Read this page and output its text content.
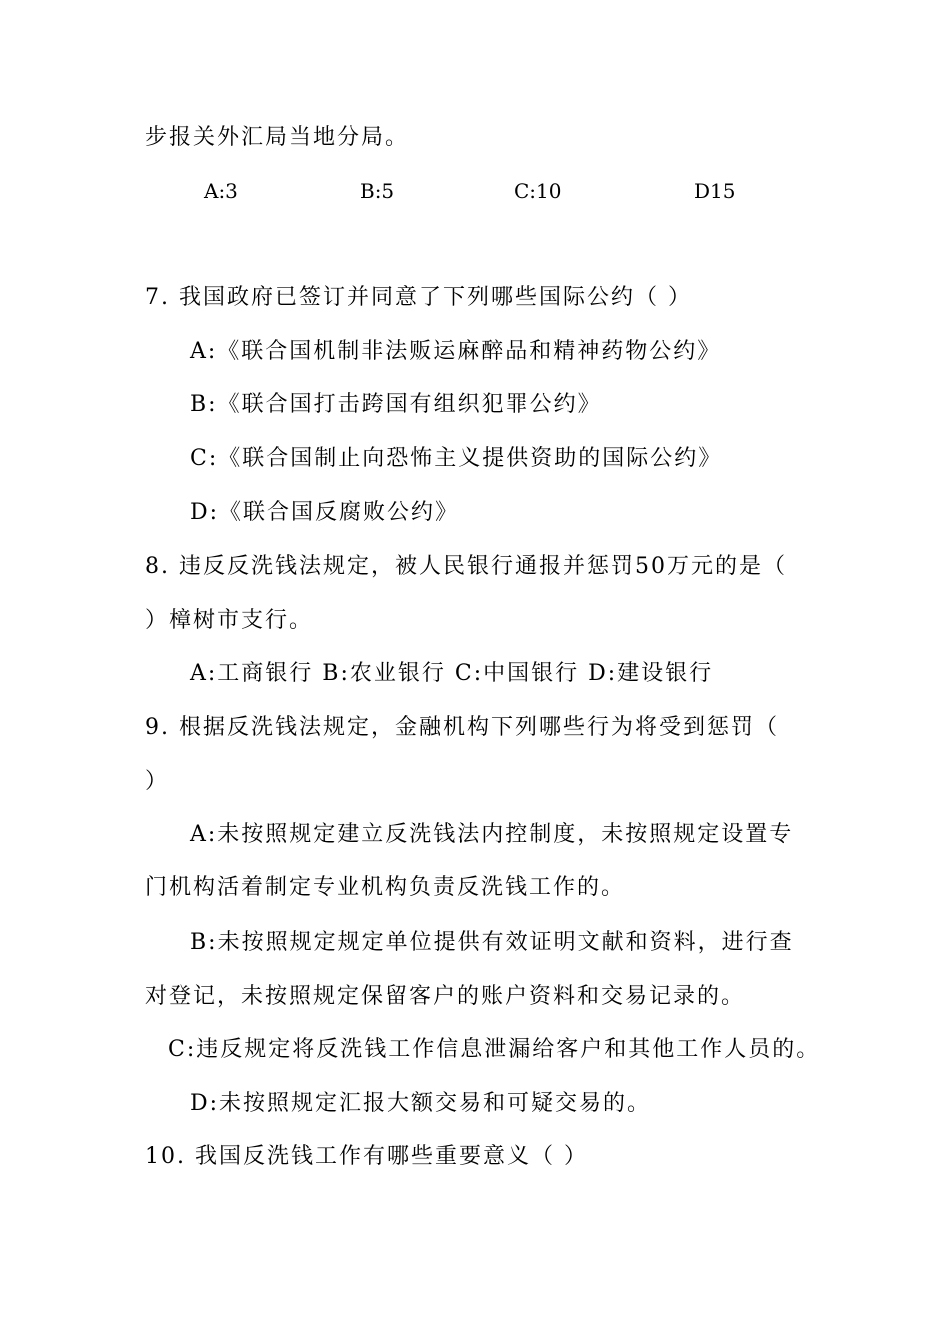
步报关外汇局当地分局。
A:3	B:5	C:10	D15
7. 我国政府已签订并同意了下列哪些国际公约（ ）
A:《联合国机制非法贩运麻醉品和精神药物公约》
B:《联合国打击跨国有组织犯罪公约》
C:《联合国制止向恐怖主义提供资助的国际公约》
D:《联合国反腐败公约》
8. 违反反洗钱法规定，被人民银行通报并惩罚50万元的是（
）樟树市支行。
A:工商银行 B:农业银行 C:中国银行 D:建设银行
9. 根据反洗钱法规定，金融机构下列哪些行为将受到惩罚（
）
A:未按照规定建立反洗钱法内控制度，未按照规定设置专
门机构活着制定专业机构负责反洗钱工作的。
B:未按照规定规定单位提供有效证明文献和资料，进行查
对登记，未按照规定保留客户的账户资料和交易记录的。
C:违反规定将反洗钱工作信息泄漏给客户和其他工作人员的。
D:未按照规定汇报大额交易和可疑交易的。
10. 我国反洗钱工作有哪些重要意义（ ）
